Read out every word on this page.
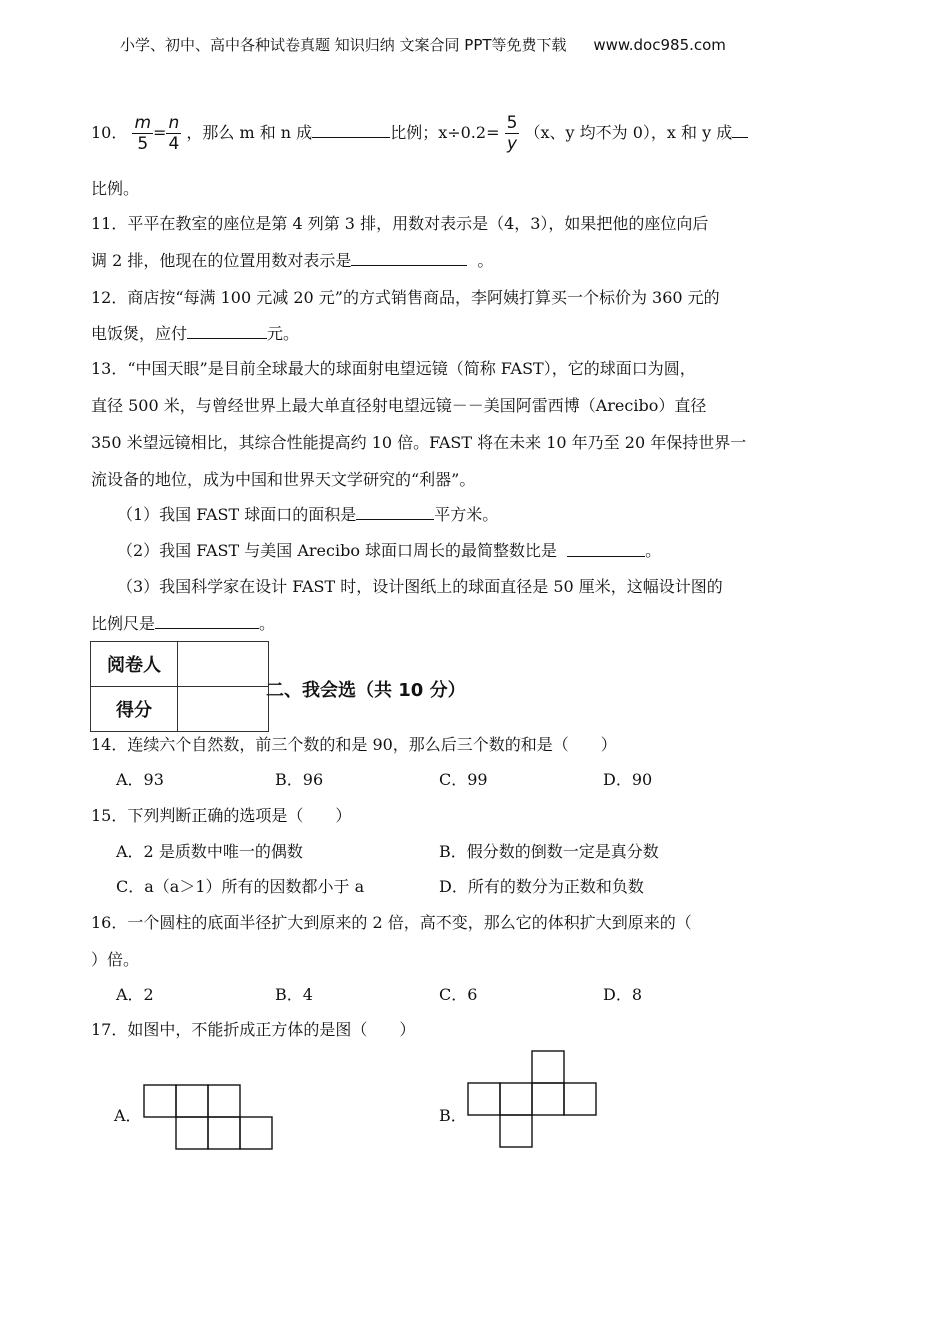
小学、初中、高中各种试卷真题 知识归纳 文案合同 PPT等免费下载 www.doc985.com
10． $\frac{m}{5} = \frac{n}{4}$ ，那么 m 和 n 成	比例；$x\div 0.2= \frac{5}{y} (x$、y 均不为 0），x 和 y 成
比例。
11．平平在教室的座位是第 4 列第 3 排，用数对表示是（4，3），如果把他的座位向后
调 2 排，他现在的位置用数对表示是	。
12．商店按“每满 100 元减 20 元”的方式销售商品，李阿姨打算买一个标价为 360 元的
电饭煲，应付	元。
13．“中国天眼”是目前全球最大的球面射电望远镜（简称 FAST），它的球面口为圆，
直径 500 米，与曾经世界上最大单直径射电望远镜－－美国阿雷西博（Arecibo）直径
350 米望远镜相比，其综合性能提高约 10 倍。FAST 将在未来 10 年乃至 20 年保持世界一
流设备的地位，成为中国和世界天文学研究的“利器”。
（1）我国 FAST 球面口的面积是	平方米。
（2）我国 FAST 与美国 Arecibo 球面口周长的最简整数比是	。
（3）我国科学家在设计 FAST 时，设计图纸上的球面直径是 50 厘米，这幅设计图的
比例尺是	。
阅卷人	
得分	
二、我会选（共 10 分）
14．连续六个自然数，前三个数的和是 90，那么后三个数的和是（　　）
A．93	B．96	C．99	D．90
15．下列判断正确的选项是（　　）
A．2 是质数中唯一的偶数	B．假分数的倒数一定是真分数
C．a（a＞1）所有的因数都小于 a	D．所有的数分为正数和负数
16．一个圆柱的底面半径扩大到原来的 2 倍，高不变，那么它的体积扩大到原来的（
）倍。
A．2	B．4	C．6	D．8
17．如图中，不能折成正方体的是图（　　）
A．	B．
